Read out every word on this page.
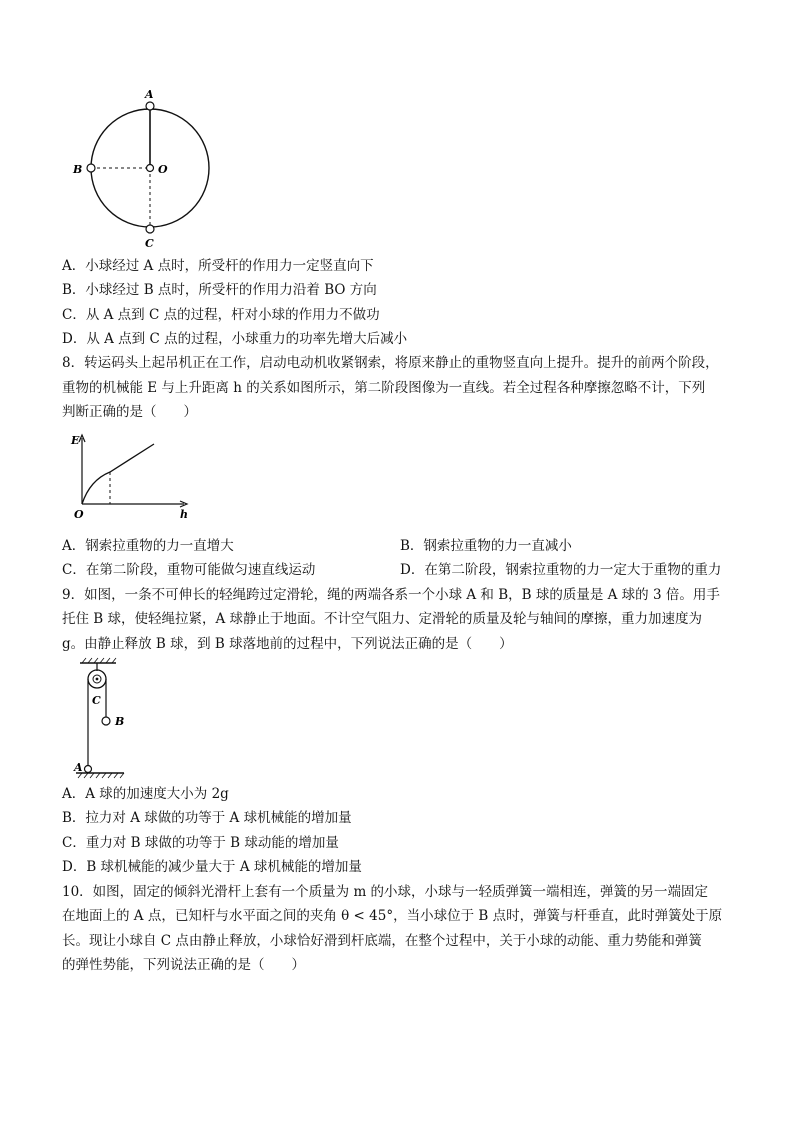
A
B	O
C
A．小球经过 A 点时，所受杆的作用力一定竖直向下
B．小球经过 B 点时，所受杆的作用力沿着 BO 方向
C．从 A 点到 C 点的过程，杆对小球的作用力不做功
D．从 A 点到 C 点的过程，小球重力的功率先增大后减小
8．转运码头上起吊机正在工作，启动电动机收紧钢索，将原来静止的重物竖直向上提升。提升的前两个阶段，
重物的机械能 E 与上升距离 h 的关系如图所示，第二阶段图像为一直线。若全过程各种摩擦忽略不计，下列
判断正确的是（　　）
E
h
O
A．钢索拉重物的力一直增大	B．钢索拉重物的力一直减小
C．在第二阶段，重物可能做匀速直线运动	D．在第二阶段，钢索拉重物的力一定大于重物的重力
9．如图，一条不可伸长的轻绳跨过定滑轮，绳的两端各系一个小球 A 和 B，B 球的质量是 A 球的 3 倍。用手
托住 B 球，使轻绳拉紧，A 球静止于地面。不计空气阻力、定滑轮的质量及轮与轴间的摩擦，重力加速度为
g。由静止释放 B 球，到 B 球落地前的过程中，下列说法正确的是（　　）
C
B
A
A．A 球的加速度大小为 2g
B．拉力对 A 球做的功等于 A 球机械能的增加量
C．重力对 B 球做的功等于 B 球动能的增加量
D．B 球机械能的减少量大于 A 球机械能的增加量
10．如图，固定的倾斜光滑杆上套有一个质量为 m 的小球，小球与一轻质弹簧一端相连，弹簧的另一端固定
在地面上的 A 点，已知杆与水平面之间的夹角 θ < 45°，当小球位于 B 点时，弹簧与杆垂直，此时弹簧处于原
长。现让小球自 C 点由静止释放，小球恰好滑到杆底端，在整个过程中，关于小球的动能、重力势能和弹簧
的弹性势能，下列说法正确的是（　　）
